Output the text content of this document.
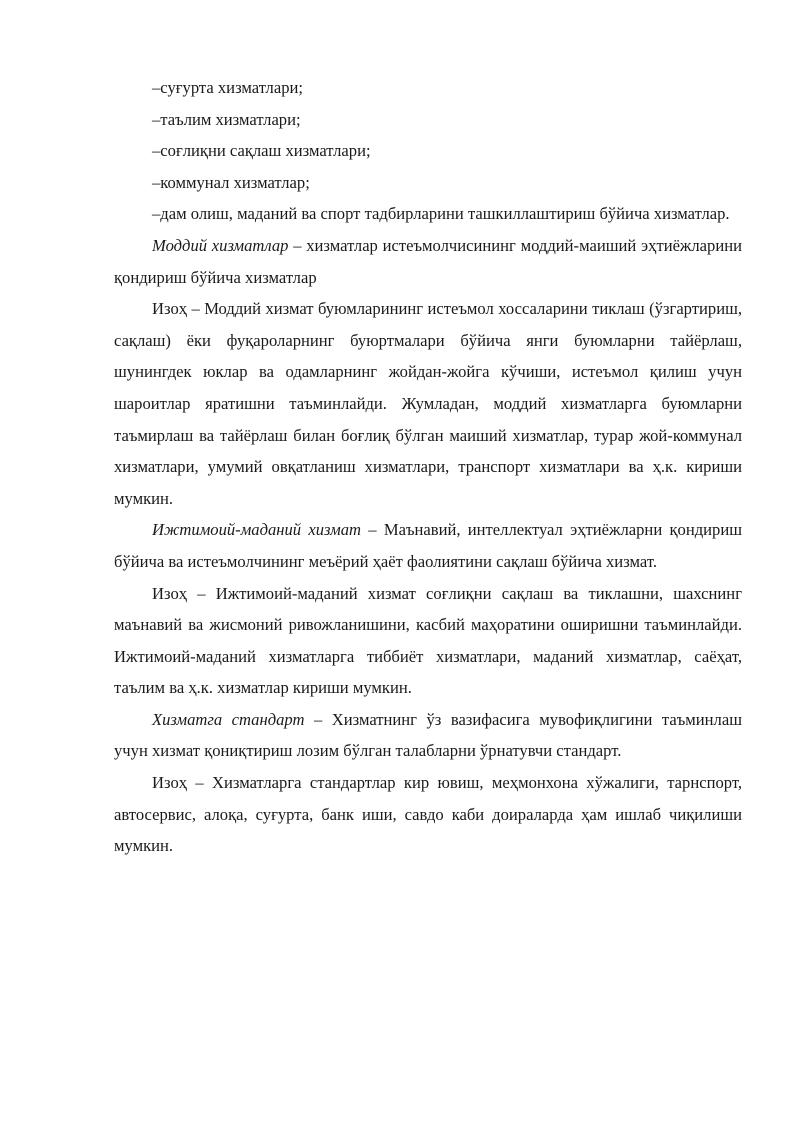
–суғурта хизматлари;

–таълим хизматлари;

–соғлиқни сақлаш хизматлари;

–коммунал хизматлар;

–дам олиш, маданий ва спорт тадбирларини ташкиллаштириш бўйича хизматлар.

Моддий хизматлар – хизматлар истеъмолчисининг моддий-маиший эҳтиёжларини қондириш бўйича хизматлар

Изоҳ – Моддий хизмат буюмларининг истеъмол хоссаларини тиклаш (ўзгартириш, сақлаш) ёки фуқароларнинг буюртмалари бўйича янги буюмларни тайёрлаш, шунингдек юклар ва одамларнинг жойдан-жойга кўчиши, истеъмол қилиш учун шароитлар яратишни таъминлайди. Жумладан, моддий хизматларга буюмларни таъмирлаш ва тайёрлаш билан боғлиқ бўлган маиший хизматлар, турар жой-коммунал хизматлари, умумий овқатланиш хизматлари, транспорт хизматлари ва ҳ.к. кириши мумкин.

Ижтимоий-маданий хизмат – Маънавий, интеллектуал эҳтиёжларни қондириш бўйича ва истеъмолчининг меъёрий ҳаёт фаолиятини сақлаш бўйича хизмат.

Изоҳ – Ижтимоий-маданий хизмат соғлиқни сақлаш ва тиклашни, шахснинг маънавий ва жисмоний ривожланишини, касбий маҳоратини оширишни таъминлайди. Ижтимоий-маданий хизматларга тиббиёт хизматлари, маданий хизматлар, саёҳат, таълим ва ҳ.к. хизматлар кириши мумкин.

Хизматга стандарт – Хизматнинг ўз вазифасига мувофиқлигини таъминлаш учун хизмат қониқтириш лозим бўлган талабларни ўрнатувчи стандарт.

Изоҳ – Хизматларга стандартлар кир ювиш, меҳмонхона хўжалиги, тарнспорт, автосервис, алоқа, суғурта, банк иши, савдо каби доираларда ҳам ишлаб чиқилиши мумкин.
